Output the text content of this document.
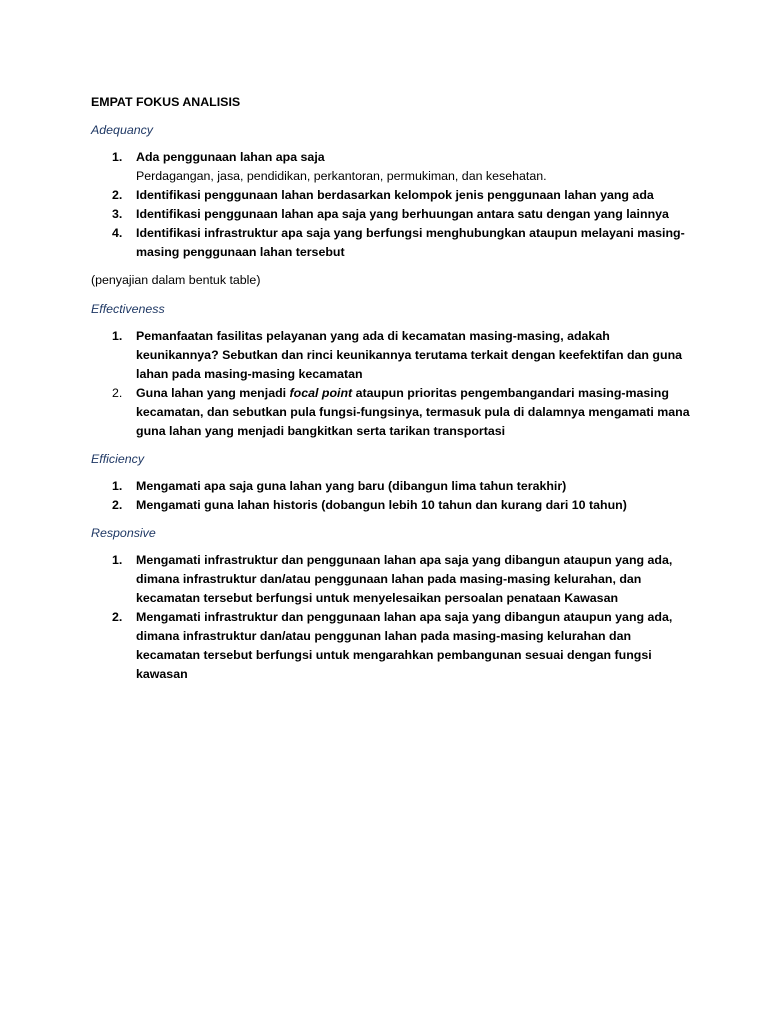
EMPAT FOKUS ANALISIS
Adequancy
1. Ada penggunaan lahan apa saja
Perdagangan, jasa, pendidikan, perkantoran, permukiman, dan kesehatan.
2. Identifikasi penggunaan lahan berdasarkan kelompok jenis penggunaan lahan yang ada
3. Identifikasi penggunaan lahan apa saja yang berhuungan antara satu dengan yang lainnya
4. Identifikasi infrastruktur apa saja yang berfungsi menghubungkan ataupun melayani masing-masing penggunaan lahan tersebut
(penyajian dalam bentuk table)
Effectiveness
1. Pemanfaatan fasilitas pelayanan yang ada di kecamatan masing-masing, adakah keunikannya? Sebutkan dan rinci keunikannya terutama terkait dengan keefektifan dan guna lahan pada masing-masing kecamatan
2. Guna lahan yang menjadi focal point ataupun prioritas pengembangandari masing-masing kecamatan, dan sebutkan pula fungsi-fungsinya, termasuk pula di dalamnya mengamati mana guna lahan yang menjadi bangkitkan serta tarikan transportasi
Efficiency
1. Mengamati apa saja guna lahan yang baru (dibangun lima tahun terakhir)
2. Mengamati guna lahan historis (dobangun lebih 10 tahun dan kurang dari 10 tahun)
Responsive
1. Mengamati infrastruktur dan penggunaan lahan apa saja yang dibangun ataupun yang ada, dimana infrastruktur dan/atau penggunaan lahan pada masing-masing kelurahan, dan kecamatan tersebut berfungsi untuk menyelesaikan persoalan penataan Kawasan
2. Mengamati infrastruktur dan penggunaan lahan apa saja yang dibangun ataupun yang ada, dimana infrastruktur dan/atau penggunan lahan pada masing-masing kelurahan dan kecamatan tersebut berfungsi untuk mengarahkan pembangunan sesuai dengan fungsi kawasan
